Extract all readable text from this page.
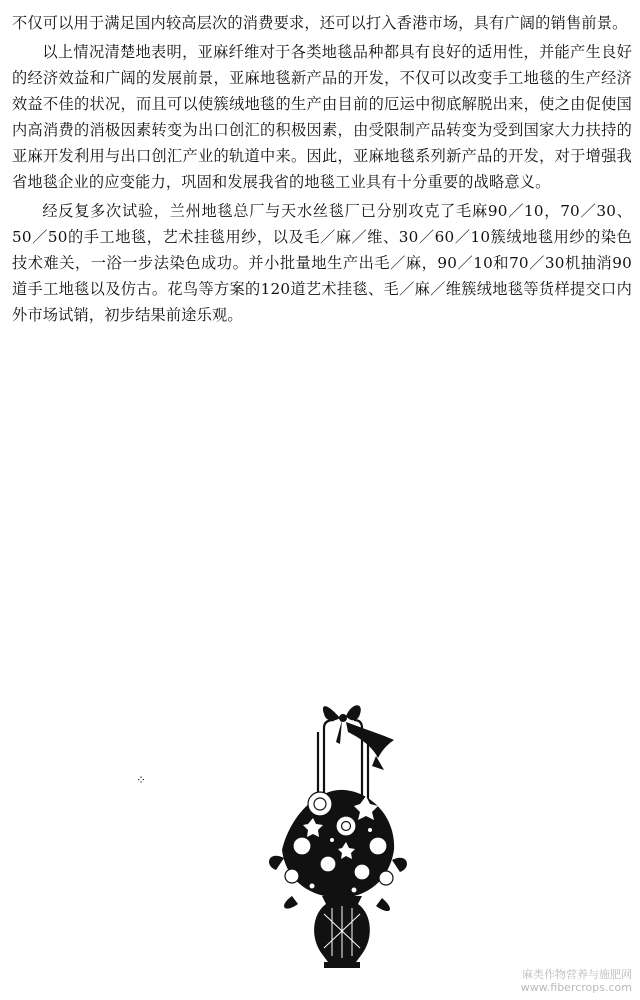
不仅可以用于满足国内较高层次的消费要求，还可以打入香港市场，具有广阔的销售前景。

以上情况清楚地表明，亚麻纤维对于各类地毯品种都具有良好的适用性，并能产生良好的经济效益和广阔的发展前景，亚麻地毯新产品的开发，不仅可以改变手工地毯的生产经济效益不佳的状况，而且可以使簇绒地毯的生产由目前的厄运中彻底解脱出来，使之由促使国内高消费的消极因素转变为出口创汇的积极因素，由受限制产品转变为受到国家大力扶持的亚麻开发利用与出口创汇产业的轨道中来。因此，亚麻地毯系列新产品的开发，对于增强我省地毯企业的应变能力，巩固和发展我省的地毯工业具有十分重要的战略意义。

经反复多次试验，兰州地毯总厂与天水丝毯厂已分别攻克了毛麻90／10，70／30、50／50的手工地毯，艺术挂毯用纱，以及毛／麻／维、30／60／10簇绒地毯用纱的染色技术难关，一浴一步法染色成功。并小批量地生产出毛／麻，90／10和70／30机抽消90道手工地毯以及仿古。花鸟等方案的120道艺术挂毯、毛／麻／维簇绒地毯等货样提交口内外市场试销，初步结果前途乐观。

⁘
麻类作物营养与施肥网
www.fibercrops.com
